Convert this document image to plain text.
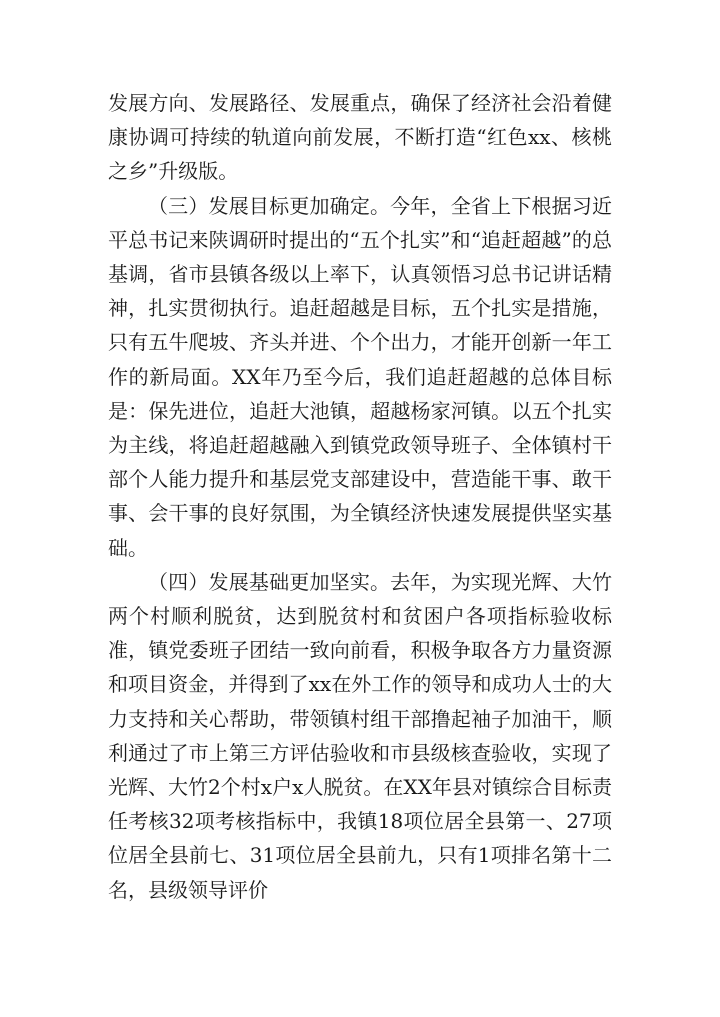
发展方向、发展路径、发展重点，确保了经济社会沿着健康协调可持续的轨道向前发展，不断打造“红色xx、核桃之乡”升级版。

（三）发展目标更加确定。今年，全省上下根据习近平总书记来陕调研时提出的“五个扎实”和“追赶超越”的总基调，省市县镇各级以上率下，认真领悟习总书记讲话精神，扎实贯彻执行。追赶超越是目标，五个扎实是措施，只有五牛爬坡、齐头并进、个个出力，才能开创新一年工作的新局面。XX年乃至今后，我们追赶超越的总体目标是：保先进位，追赶大池镇，超越杨家河镇。以五个扎实为主线，将追赶超越融入到镇党政领导班子、全体镇村干部个人能力提升和基层党支部建设中，营造能干事、敢干事、会干事的良好氛围，为全镇经济快速发展提供坚实基础。

（四）发展基础更加坚实。去年，为实现光辉、大竹两个村顺利脱贫，达到脱贫村和贫困户各项指标验收标准，镇党委班子团结一致向前看，积极争取各方力量资源和项目资金，并得到了xx在外工作的领导和成功人士的大力支持和关心帮助，带领镇村组干部撸起袖子加油干，顺利通过了市上第三方评估验收和市县级核查验收，实现了光辉、大竹2个村x户x人脱贫。在XX年县对镇综合目标责任考核32项考核指标中，我镇18项位居全县第一、27项位居全县前七、31项位居全县前九，只有1项排名第十二名，县级领导评价
